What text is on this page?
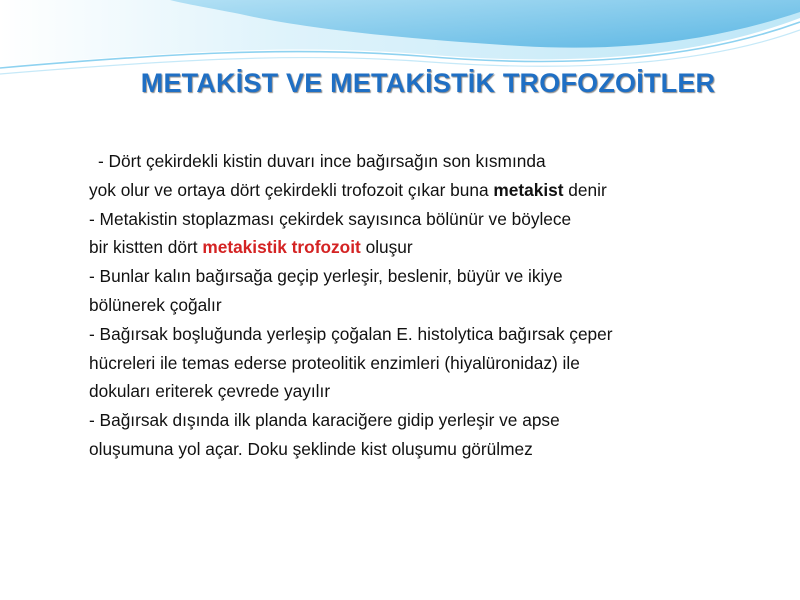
METAKİST VE METAKİSTİK TROFOZOİTLER
- Dört çekirdekli kistin duvarı ince bağırsağın son kısmında
yok olur ve ortaya dört çekirdekli trofozoit çıkar buna metakist denir
- Metakistin stoplazması çekirdek sayısınca bölünür ve böylece
bir kistten dört metakistik trofozoit oluşur
- Bunlar kalın bağırsağa geçip yerleşir, beslenir, büyür ve ikiye
bölünerek çoğalır
- Bağırsak boşluğunda yerleşip çoğalan E. histolytica bağırsak çeper
hücreleri ile temas ederse proteolitik enzimleri (hiyalüronidaz) ile
dokuları eriterek çevrede yayılır
- Bağırsak dışında ilk planda karaciğere gidip yerleşir ve apse
oluşumuna yol açar. Doku şeklinde kist oluşumu görülmez
